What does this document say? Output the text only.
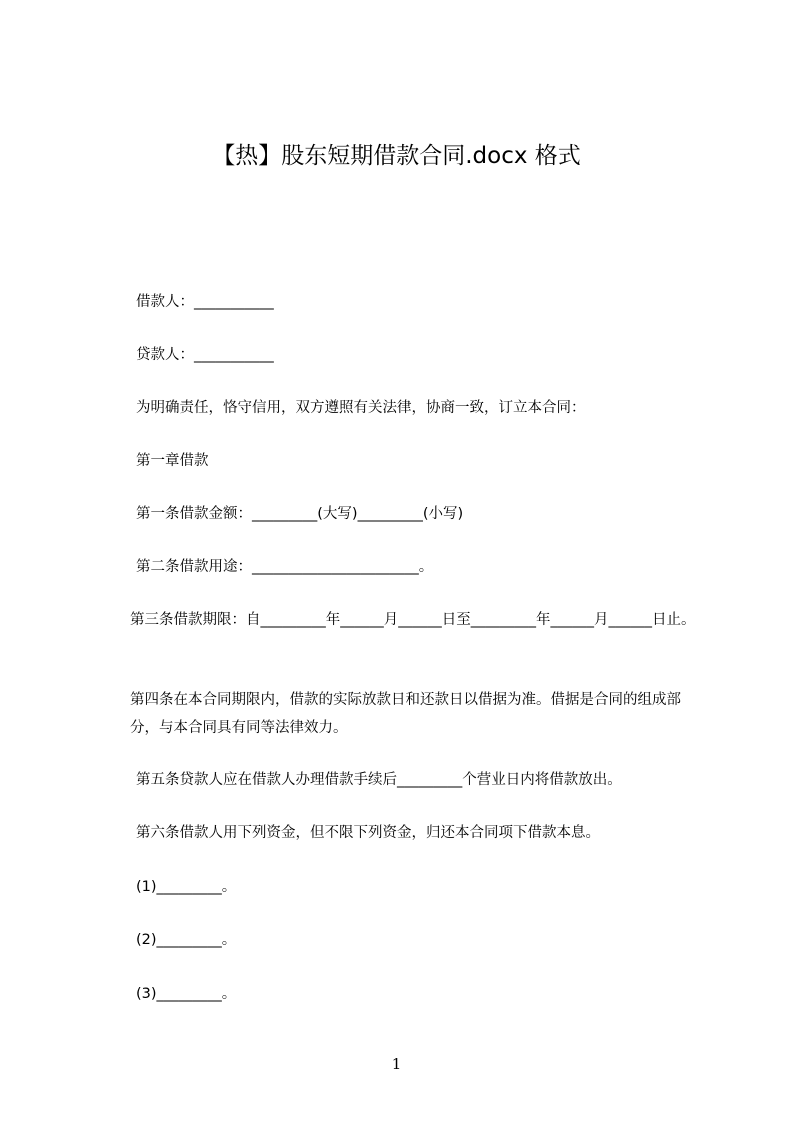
【热】股东短期借款合同.docx 格式
借款人：___________
贷款人：___________
为明确责任，恪守信用，双方遵照有关法律，协商一致，订立本合同：
第一章借款
第一条借款金额：_________(大写)_________(小写)
第二条借款用途：_______________________。
第三条借款期限：自_________年______月______日至_________年______月______日止。
第四条在本合同期限内，借款的实际放款日和还款日以借据为准。借据是合同的组成部分，与本合同具有同等法律效力。
第五条贷款人应在借款人办理借款手续后_________个营业日内将借款放出。
第六条借款人用下列资金，但不限下列资金，归还本合同项下借款本息。
(1)_________。
(2)_________。
(3)_________。
1
